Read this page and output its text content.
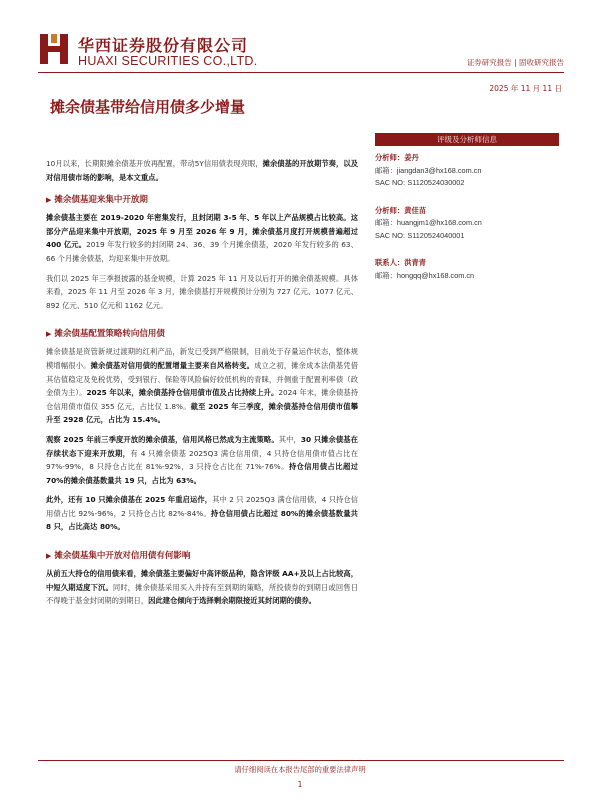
华西证券股份有限公司
HUAXI SECURITIES CO.,LTD.	证券研究报告 | 固收研究报告
2025 年 11 月 11 日
摊余债基带给信用债多少增量

10月以来，长期限摊余债基开放再配置，带动5Y信用债表现亮眼，摊余债基的开放期节奏，以及对信用债市场的影响，是本文重点。

▶ 摊余债基迎来集中开放期

摊余债基主要在 2019-2020 年密集发行，且封闭期 3-5 年、5 年以上产品规模占比较高。这部分产品迎来集中开放期，2025 年 9 月至 2026 年 9 月，摊余债基月度打开规模普遍超过 400 亿元。2019 年发行较多的封闭期 24、36、39 个月摊余债基，2020 年发行较多的 63、66 个月摊余债基，均迎来集中开放期。

我们以 2025 年三季报披露的基金规模，计算 2025 年 11 月及以后打开的摊余债基规模。具体来看，2025 年 11 月至 2026 年 3 月，摊余债基打开规模预计分别为 727 亿元、1077 亿元、892 亿元、510 亿元和 1162 亿元。

▶ 摊余债基配置策略转向信用债

摊余债基是资管新规过渡期的红利产品，新发已受到严格限制，目前处于存量运作状态，整体规模增幅很小。摊余债基对信用债的配置增量主要来自风格转变。成立之初，摊余成本法债基凭借其估值稳定及免税优势，受到银行、保险等风险偏好较低机构的青睐，并侧重于配置利率债（政金债为主）。2025 年以来，摊余债基持仓信用债市值及占比持续上升。2024 年末，摊余债基持仓信用债市值仅 355 亿元，占比仅 1.8%。截至 2025 年三季度，摊余债基持仓信用债市值攀升至 2928 亿元，占比为 15.4%。

观察 2025 年前三季度开放的摊余债基，信用风格已然成为主流策略。其中，30 只摊余债基在存续状态下迎来开放期，有 4 只摊余债基 2025Q3 满仓信用债，4 只持仓信用债市值占比在 97%-99%，8 只持仓占比在 81%-92%，3 只持仓占比在 71%-76%。持仓信用债占比超过 70%的摊余债基数量共 19 只，占比为 63%。

此外，还有 10 只摊余债基在 2025 年重启运作，其中 2 只 2025Q3 满仓信用债，4 只持仓信用债占比 92%-96%，2 只持仓占比 82%-84%。持仓信用债占比超过 80%的摊余债基数量共 8 只，占比高达 80%。

▶ 摊余债基集中开放对信用债有何影响

从前五大持仓的信用债来看，摊余债基主要偏好中高评级品种，隐含评级 AA+及以上占比较高，中短久期适度下沉。同时，摊余债基采用买入并持有至到期的策略，所投债券的到期日或回售日不得晚于基金封闭期的到期日，因此建仓倾向于选择剩余期限接近其封闭期的债券。

评级及分析师信息
分析师：姜丹
邮箱：jiangdan3@hx168.com.cn
SAC NO: S1120524030002
分析师：黄佳苗
邮箱：huangjm1@hx168.com.cn
SAC NO: S1120524040001
联系人：洪青青
邮箱：hongqq@hx168.com.cn
请仔细阅读在本报告尾部的重要法律声明
1
